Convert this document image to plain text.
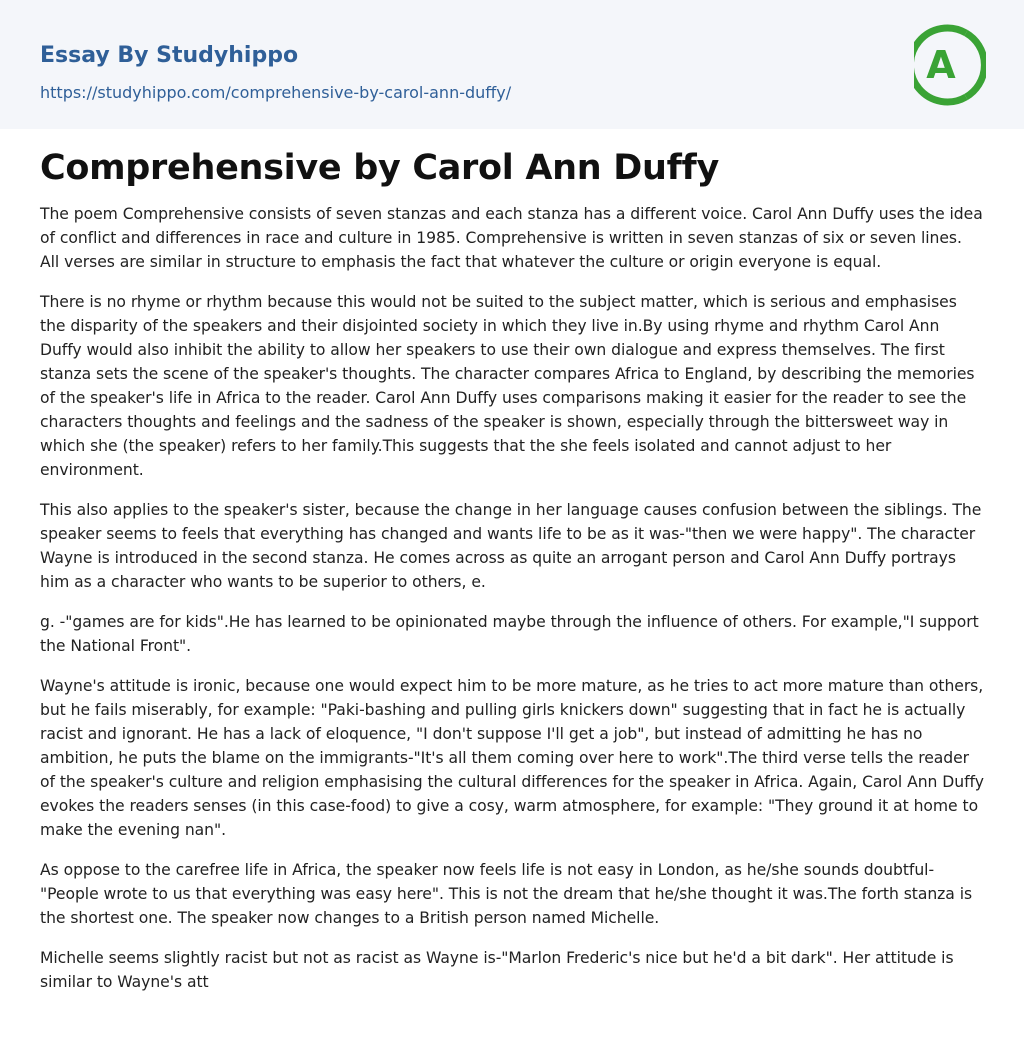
Essay By Studyhippo
https://studyhippo.com/comprehensive-by-carol-ann-duffy/
A
Comprehensive by Carol Ann Duffy

The poem Comprehensive consists of seven stanzas and each stanza has a different voice. Carol Ann Duffy uses the idea of conflict and differences in race and culture in 1985. Comprehensive is written in seven stanzas of six or seven lines. All verses are similar in structure to emphasis the fact that whatever the culture or origin everyone is equal.

There is no rhyme or rhythm because this would not be suited to the subject matter, which is serious and emphasises the disparity of the speakers and their disjointed society in which they live in.By using rhyme and rhythm Carol Ann Duffy would also inhibit the ability to allow her speakers to use their own dialogue and express themselves. The first stanza sets the scene of the speaker's thoughts. The character compares Africa to England, by describing the memories of the speaker's life in Africa to the reader. Carol Ann Duffy uses comparisons making it easier for the reader to see the characters thoughts and feelings and the sadness of the speaker is shown, especially through the bittersweet way in which she (the speaker) refers to her family.This suggests that the she feels isolated and cannot adjust to her environment.

This also applies to the speaker's sister, because the change in her language causes confusion between the siblings. The speaker seems to feels that everything has changed and wants life to be as it was-"then we were happy". The character Wayne is introduced in the second stanza. He comes across as quite an arrogant person and Carol Ann Duffy portrays him as a character who wants to be superior to others, e.

g. -"games are for kids".He has learned to be opinionated maybe through the influence of others. For example,"I support the National Front".

Wayne's attitude is ironic, because one would expect him to be more mature, as he tries to act more mature than others, but he fails miserably, for example: "Paki-bashing and pulling girls knickers down" suggesting that in fact he is actually racist and ignorant. He has a lack of eloquence, "I don't suppose I'll get a job", but instead of admitting he has no ambition, he puts the blame on the immigrants-"It's all them coming over here to work".The third verse tells the reader of the speaker's culture and religion emphasising the cultural differences for the speaker in Africa. Again, Carol Ann Duffy evokes the readers senses (in this case-food) to give a cosy, warm atmosphere, for example: "They ground it at home to make the evening nan".

As oppose to the carefree life in Africa, the speaker now feels life is not easy in London, as he/she sounds doubtful- "People wrote to us that everything was easy here". This is not the dream that he/she thought it was.The forth stanza is the shortest one. The speaker now changes to a British person named Michelle.

Michelle seems slightly racist but not as racist as Wayne is-"Marlon Frederic's nice but he'd a bit dark". Her attitude is similar to Wayne's att
